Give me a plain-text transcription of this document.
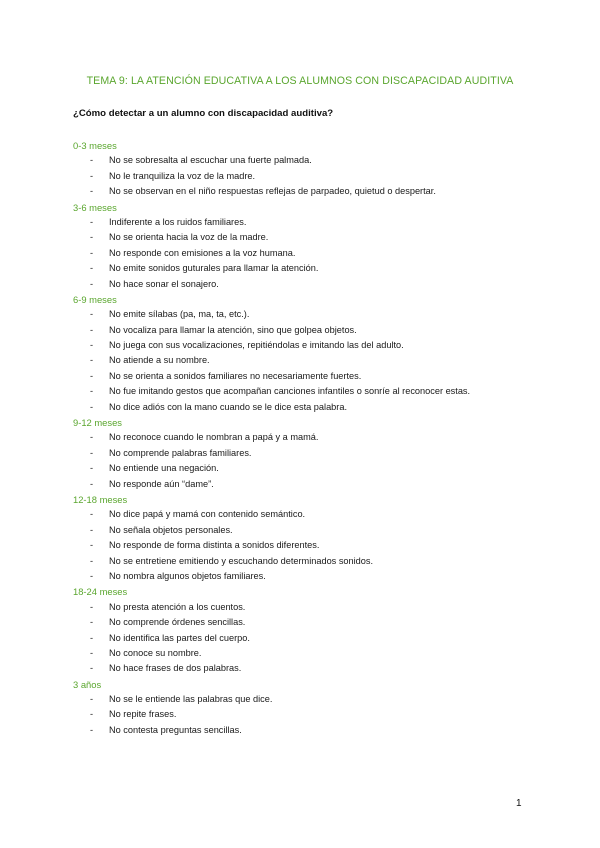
TEMA 9: LA ATENCIÓN EDUCATIVA A LOS ALUMNOS CON DISCAPACIDAD AUDITIVA
¿Cómo detectar a un alumno con discapacidad auditiva?
0-3 meses
- No se sobresalta al escuchar una fuerte palmada.
- No le tranquiliza la voz de la madre.
- No se observan en el niño respuestas reflejas de parpadeo, quietud o despertar.
3-6 meses
- Indiferente a los ruidos familiares.
- No se orienta hacia la voz de la madre.
- No responde con emisiones a la voz humana.
- No emite sonidos guturales para llamar la atención.
- No hace sonar el sonajero.
6-9 meses
- No emite sílabas (pa, ma, ta, etc.).
- No vocaliza para llamar la atención, sino que golpea objetos.
- No juega con sus vocalizaciones, repitiéndolas e imitando las del adulto.
- No atiende a su nombre.
- No se orienta a sonidos familiares no necesariamente fuertes.
- No fue imitando gestos que acompañan canciones infantiles o sonríe al reconocer estas.
- No dice adiós con la mano cuando se le dice esta palabra.
9-12 meses
- No reconoce cuando le nombran a papá y a mamá.
- No comprende palabras familiares.
- No entiende una negación.
- No responde aún “dame”.
12-18 meses
- No dice papá y mamá con contenido semántico.
- No señala objetos personales.
- No responde de forma distinta a sonidos diferentes.
- No se entretiene emitiendo y escuchando determinados sonidos.
- No nombra algunos objetos familiares.
18-24 meses
- No presta atención a los cuentos.
- No comprende órdenes sencillas.
- No identifica las partes del cuerpo.
- No conoce su nombre.
- No hace frases de dos palabras.
3 años
- No se le entiende las palabras que dice.
- No repite frases.
- No contesta preguntas sencillas.
1
